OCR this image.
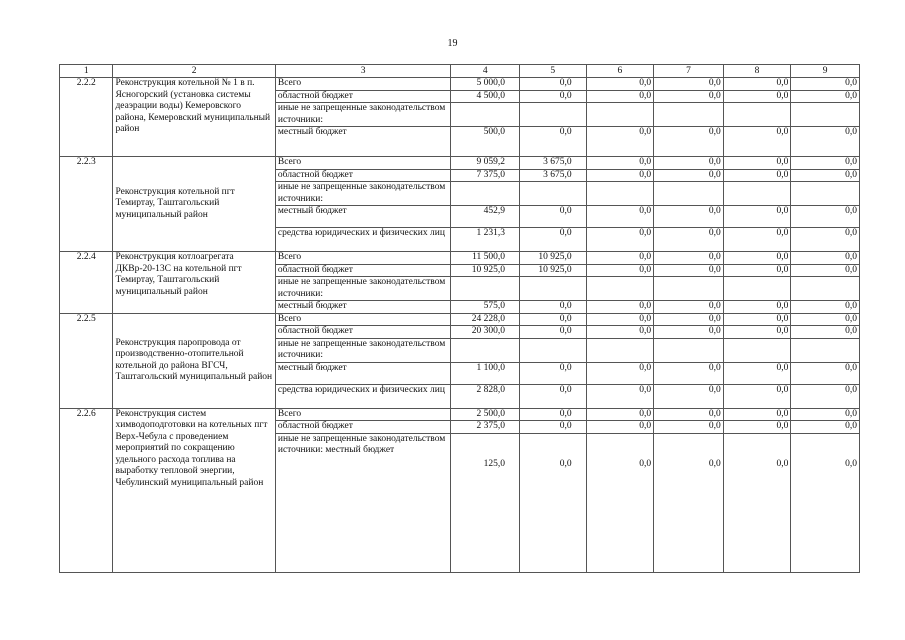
19
1	2	3	4	5	6	7	8	9
2.2.2	Реконструкция котельной № 1 в п. Ясногорский (установка системы деаэрации воды) Кемеровского района, Кемеровский муниципальный район	Всего	5 000,0	0,0	0,0	0,0	0,0	0,0
		областной бюджет	4 500,0	0,0	0,0	0,0	0,0	0,0
		иные не запрещенные законодательством источники:						
		местный бюджет	500,0	0,0	0,0	0,0	0,0	0,0
2.2.3	Реконструкция котельной пгт Темиртау, Таштагольский муниципальный район	Всего	9 059,2	3 675,0	0,0	0,0	0,0	0,0
		областной бюджет	7 375,0	3 675,0	0,0	0,0	0,0	0,0
		иные не запрещенные законодательством источники:						
		местный бюджет	452,9	0,0	0,0	0,0	0,0	0,0
		средства юридических и физических лиц	1 231,3	0,0	0,0	0,0	0,0	0,0
2.2.4	Реконструкция котлоагрегата ДКВр-20-13С на котельной пгт Темиртау, Таштагольский муниципальный район	Всего	11 500,0	10 925,0	0,0	0,0	0,0	0,0
		областной бюджет	10 925,0	10 925,0	0,0	0,0	0,0	0,0
		иные не запрещенные законодательством источники:						
		местный бюджет	575,0	0,0	0,0	0,0	0,0	0,0
2.2.5	Реконструкция паропровода от производственно-отопительной котельной до района ВГСЧ, Таштагольский муниципальный район	Всего	24 228,0	0,0	0,0	0,0	0,0	0,0
		областной бюджет	20 300,0	0,0	0,0	0,0	0,0	0,0
		иные не запрещенные законодательством источники:						
		местный бюджет	1 100,0	0,0	0,0	0,0	0,0	0,0
		средства юридических и физических лиц	2 828,0	0,0	0,0	0,0	0,0	0,0
2.2.6	Реконструкция систем химводоподготовки на котельных пгт Верх-Чебула с проведением мероприятий по сокращению удельного расхода топлива на выработку тепловой энергии, Чебулинский муниципальный район	Всего	2 500,0	0,0	0,0	0,0	0,0	0,0
		областной бюджет	2 375,0	0,0	0,0	0,0	0,0	0,0
		иные не запрещенные законодательством источники: местный бюджет	125,0	0,0	0,0	0,0	0,0	0,0
